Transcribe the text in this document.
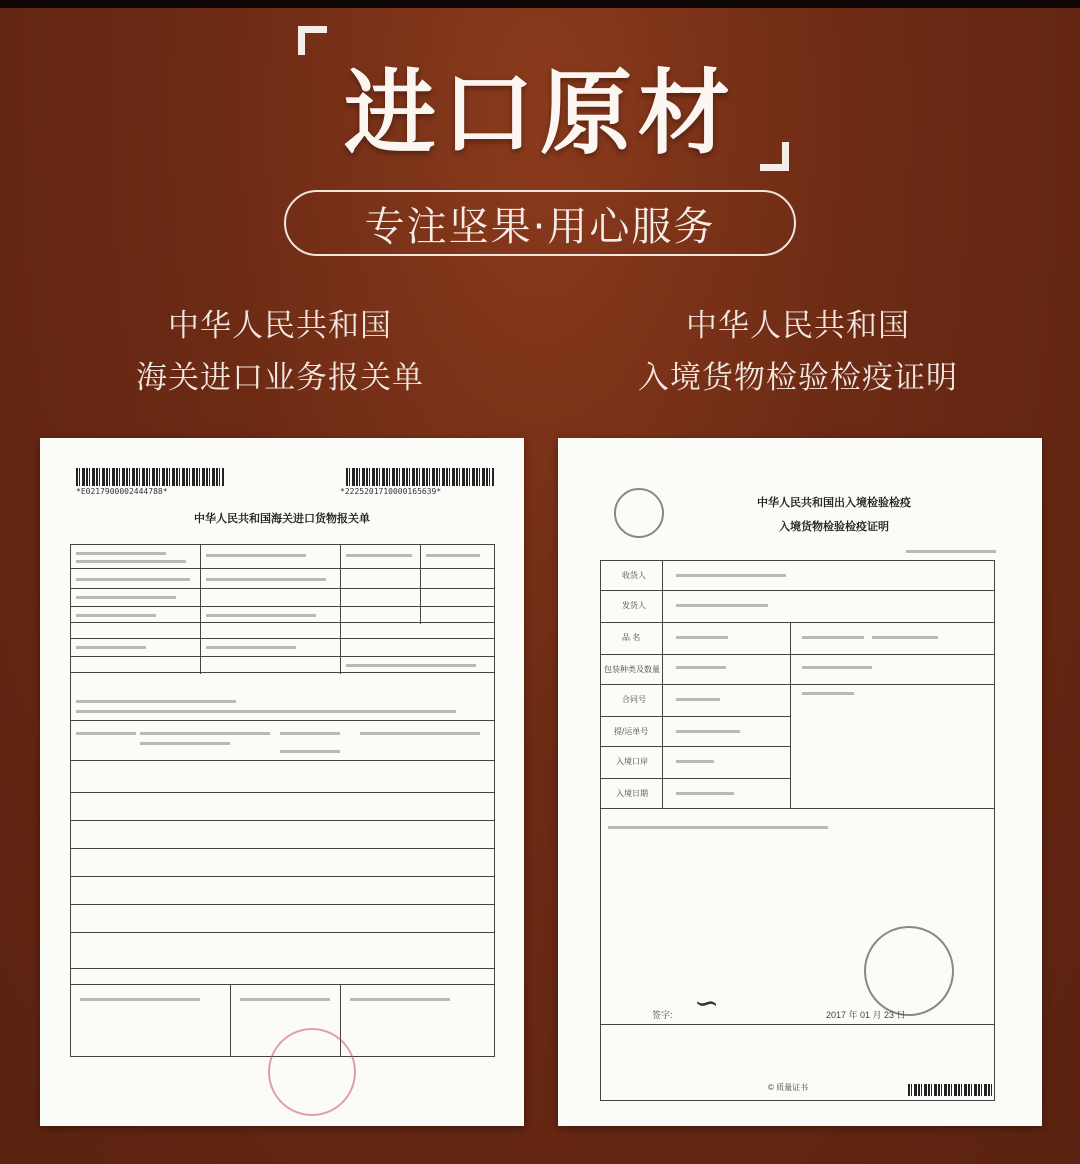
进口原材
专注坚果·用心服务
中华人民共和国
海关进口业务报关单
中华人民共和国
入境货物检验检疫证明
*E0217900002444788*	*2225201710000165639*
中华人民共和国海关进口货物报关单
中华人民共和国出入境检验检疫
入境货物检验检疫证明
收货人
发货人
品 名
包装种类及数量
合同号
提/运单号
入境口岸
入境日期
签字: ∽	2017 年 01 月 23 日
© 质量证书
